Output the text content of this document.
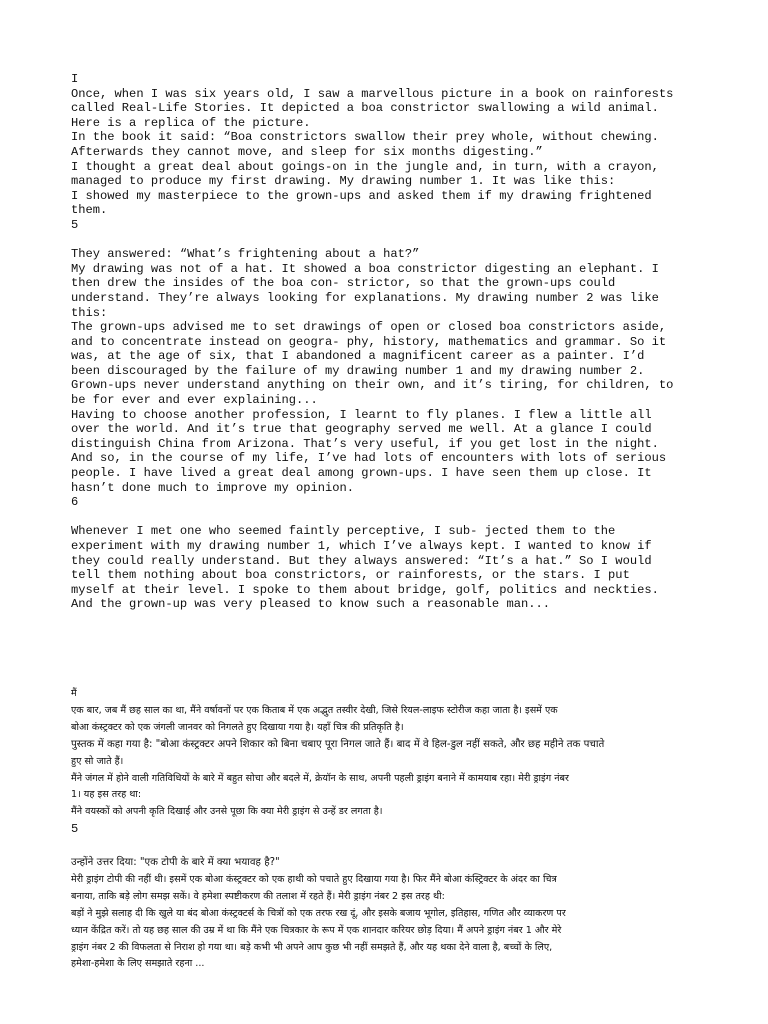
I
Once, when I was six years old, I saw a marvellous picture in a book on rainforests
called Real-Life Stories. It depicted a boa constrictor swallowing a wild animal.
Here is a replica of the picture.
In the book it said: “Boa constrictors swallow their prey whole, without chewing.
Afterwards they cannot move, and sleep for six months digesting.”
I thought a great deal about goings-on in the jungle and, in turn, with a crayon,
managed to produce my first drawing. My drawing number 1. It was like this:
I showed my masterpiece to the grown-ups and asked them if my drawing frightened
them.
5
They answered: “What’s frightening about a hat?”
My drawing was not of a hat. It showed a boa constrictor digesting an elephant. I
then drew the insides of the boa con- strictor, so that the grown-ups could
understand. They’re always looking for explanations. My drawing number 2 was like
this:
The grown-ups advised me to set drawings of open or closed boa constrictors aside,
and to concentrate instead on geogra- phy, history, mathematics and grammar. So it
was, at the age of six, that I abandoned a magnificent career as a painter. I’d
been discouraged by the failure of my drawing number 1 and my drawing number 2.
Grown-ups never understand anything on their own, and it’s tiring, for children, to
be for ever and ever explaining...
Having to choose another profession, I learnt to fly planes. I flew a little all
over the world. And it’s true that geography served me well. At a glance I could
distinguish China from Arizona. That’s very useful, if you get lost in the night.
And so, in the course of my life, I’ve had lots of encounters with lots of serious
people. I have lived a great deal among grown-ups. I have seen them up close. It
hasn’t done much to improve my opinion.
6
Whenever I met one who seemed faintly perceptive, I sub- jected them to the
experiment with my drawing number 1, which I’ve always kept. I wanted to know if
they could really understand. But they always answered: “It’s a hat.” So I would
tell them nothing about boa constrictors, or rainforests, or the stars. I put
myself at their level. I spoke to them about bridge, golf, politics and neckties.
And the grown-up was very pleased to know such a reasonable man...
मैं
एक बार, जब मैं छह साल का था, मैंने वर्षावनों पर एक किताब में एक अद्भुत तस्वीर देखी, जिसे रियल-लाइफ स्टोरीज कहा जाता है। इसमें एक
बोआ कंस्ट्रक्टर को एक जंगली जानवर को निगलते हुए दिखाया गया है। यहाँ चित्र की प्रतिकृति है।
पुस्तक में कहा गया है: "बोआ कंस्ट्रक्टर अपने शिकार को बिना चबाए पूरा निगल जाते हैं। बाद में वे हिल-डुल नहीं सकते, और छह महीने तक पचाते
हुए सो जाते हैं।
मैंने जंगल में होने वाली गतिविधियों के बारे में बहुत सोचा और बदले में, क्रेयॉन के साथ, अपनी पहली ड्राइंग बनाने में कामयाब रहा। मेरी ड्राइंग नंबर
1। यह इस तरह था:
मैंने वयस्कों को अपनी कृति दिखाई और उनसे पूछा कि क्या मेरी ड्राइंग से उन्हें डर लगता है।
5
उन्होंने उत्तर दिया: "एक टोपी के बारे में क्या भयावह है?"
मेरी ड्राइंग टोपी की नहीं थी। इसमें एक बोआ कंस्ट्रक्टर को एक हाथी को पचाते हुए दिखाया गया है। फिर मैंने बोआ कंस्ट्रिक्टर के अंदर का चित्र
बनाया, ताकि बड़े लोग समझ सकें। वे हमेशा स्पष्टीकरण की तलाश में रहते हैं। मेरी ड्राइंग नंबर 2 इस तरह थी:
बड़ों ने मुझे सलाह दी कि खुले या बंद बोआ कंस्ट्रक्टर्स के चित्रों को एक तरफ रख दूं, और इसके बजाय भूगोल, इतिहास, गणित और व्याकरण पर
ध्यान केंद्रित करें। तो यह छह साल की उम्र में था कि मैंने एक चित्रकार के रूप में एक शानदार करियर छोड़ दिया। मैं अपने ड्राइंग नंबर 1 और मेरे
ड्राइंग नंबर 2 की विफलता से निराश हो गया था। बड़े कभी भी अपने आप कुछ भी नहीं समझते हैं, और यह थका देने वाला है, बच्चों के लिए,
हमेशा-हमेशा के लिए समझाते रहना ...
